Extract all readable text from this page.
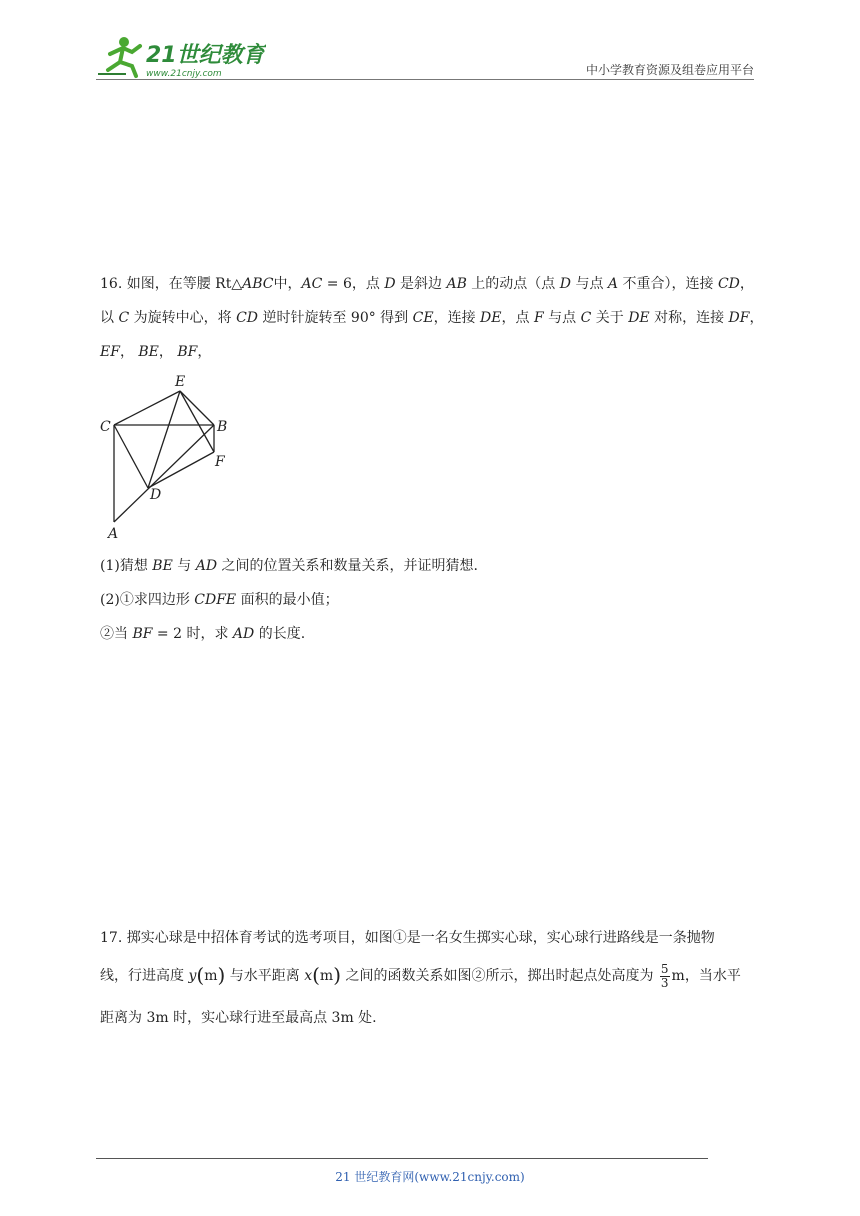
21世纪教育
www.21cnjy.com	中小学教育资源及组卷应用平台
16. 如图，在等腰 Rt△ABC中，AC = 6，点 D 是斜边 AB 上的动点（点 D 与点 A 不重合），连接 CD，
以 C 为旋转中心，将 CD 逆时针旋转至 90° 得到 CE，连接 DE，点 F 与点 C 关于 DE 对称，连接 DF，
EF， BE， BF，
E
C	B
F
D
A
(1)猜想 BE 与 AD 之间的位置关系和数量关系，并证明猜想.
(2)①求四边形 CDFE 面积的最小值；
②当 BF = 2 时，求 AD 的长度.
17. 掷实心球是中招体育考试的选考项目，如图①是一名女生掷实心球，实心球行进路线是一条抛物
线，行进高度 y(m) 与水平距离 x(m) 之间的函数关系如图②所示，掷出时起点处高度为 $\frac{5}{3}$ m，当水平
距离为 3m 时，实心球行进至最高点 3m 处.
21 世纪教育网(www.21cnjy.com)
